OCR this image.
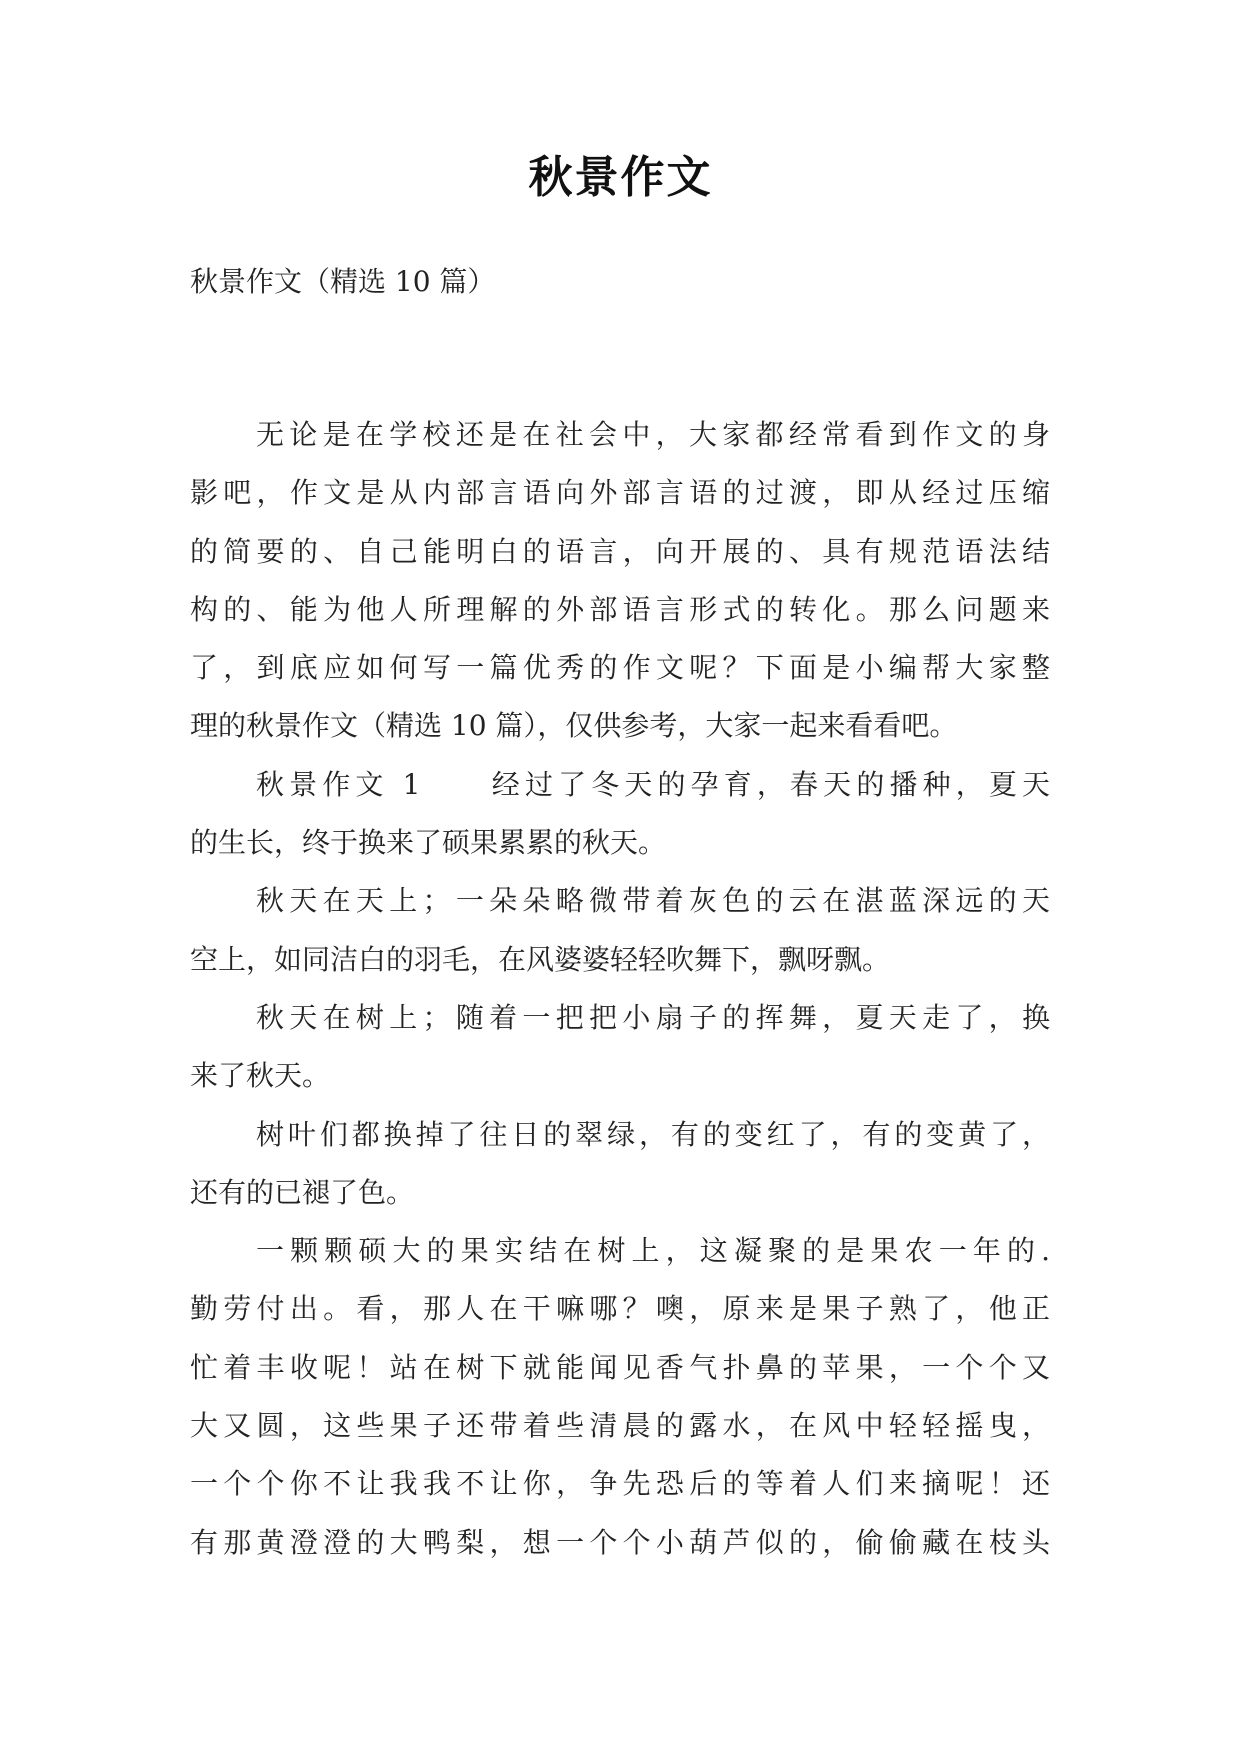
秋景作文
秋景作文（精选 10 篇）
无论是在学校还是在社会中，大家都经常看到作文的身
影吧，作文是从内部言语向外部言语的过渡，即从经过压缩
的简要的、自己能明白的语言，向开展的、具有规范语法结
构的、能为他人所理解的外部语言形式的转化。那么问题来
了，到底应如何写一篇优秀的作文呢？下面是小编帮大家整
理的秋景作文（精选 10 篇），仅供参考，大家一起来看看吧。
秋景作文 1　　经过了冬天的孕育，春天的播种，夏天
的生长，终于换来了硕果累累的秋天。
秋天在天上；一朵朵略微带着灰色的云在湛蓝深远的天
空上，如同洁白的羽毛，在风婆婆轻轻吹舞下，飘呀飘。
秋天在树上；随着一把把小扇子的挥舞，夏天走了，换
来了秋天。
树叶们都换掉了往日的翠绿，有的变红了，有的变黄了，
还有的已褪了色。
一颗颗硕大的果实结在树上，这凝聚的是果农一年的.
勤劳付出。看，那人在干嘛哪？噢，原来是果子熟了，他正
忙着丰收呢！站在树下就能闻见香气扑鼻的苹果，一个个又
大又圆，这些果子还带着些清晨的露水，在风中轻轻摇曳，
一个个你不让我我不让你，争先恐后的等着人们来摘呢！还
有那黄澄澄的大鸭梨，想一个个小葫芦似的，偷偷藏在枝头
